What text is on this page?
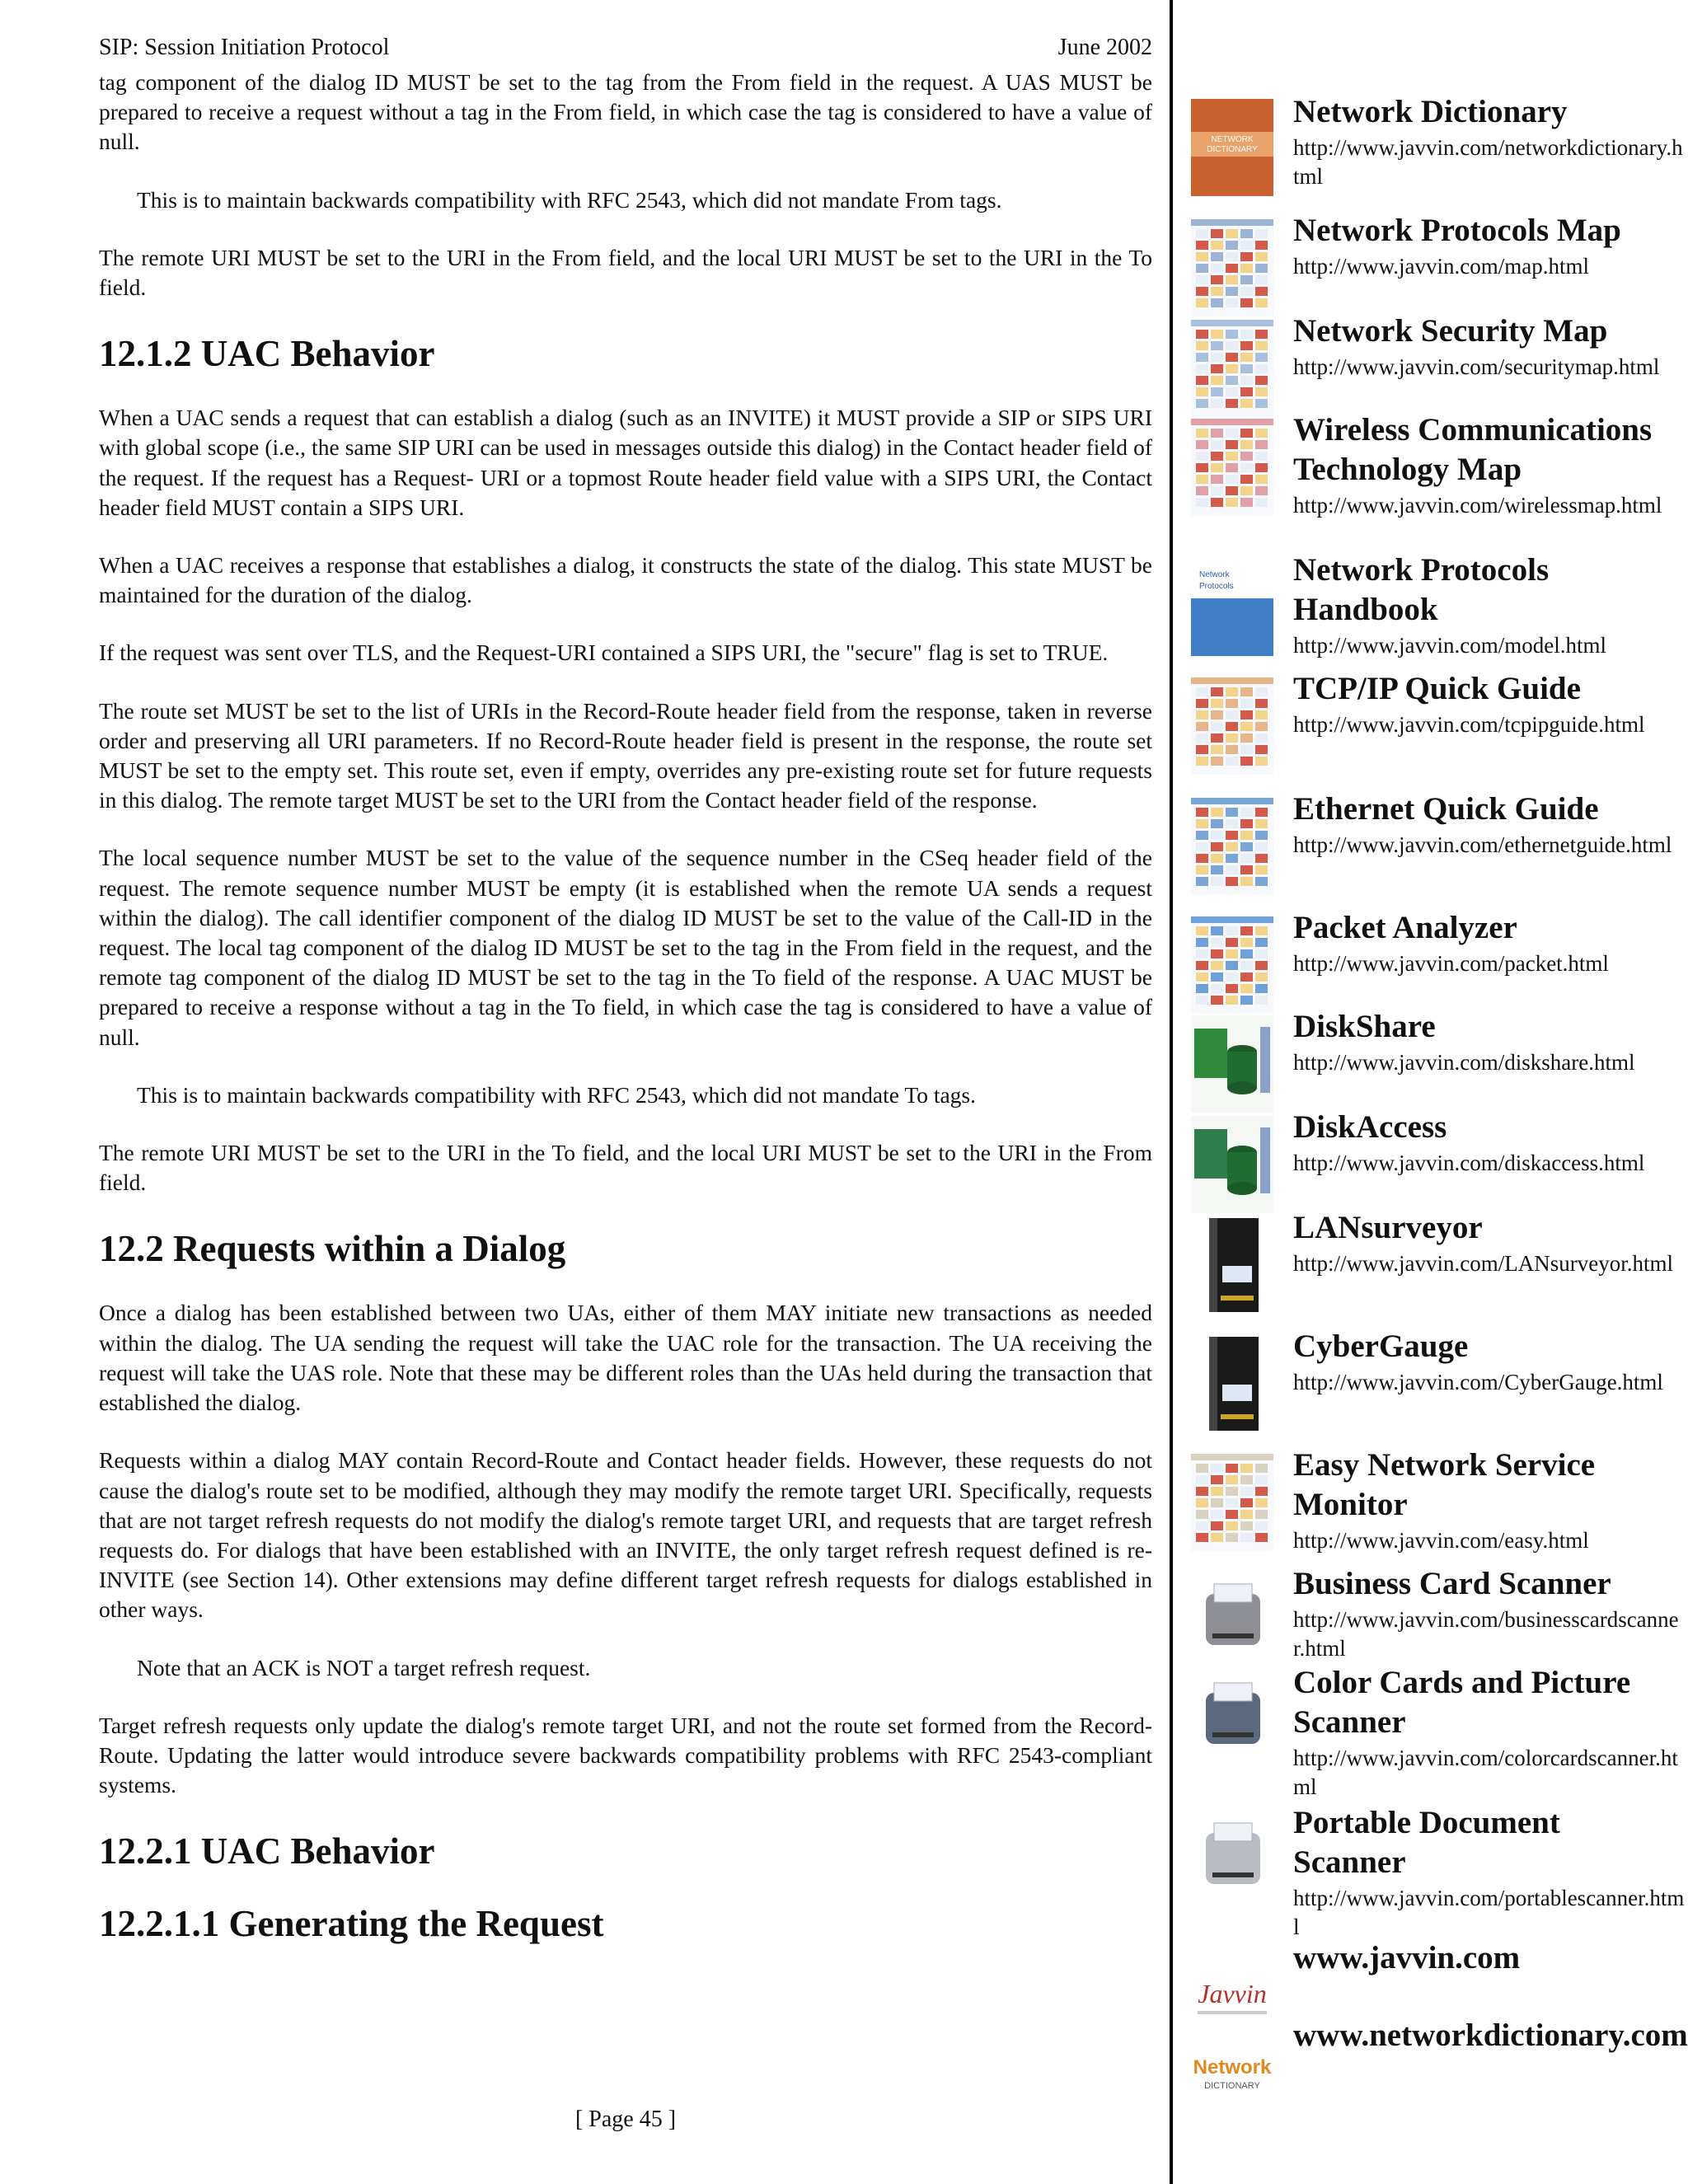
SIP: Session Initiation Protocol	June 2002

tag component of the dialog ID MUST be set to the tag from the From field in the request. A UAS MUST be prepared to receive a request without a tag in the From field, in which case the tag is considered to have a value of null.

This is to maintain backwards compatibility with RFC 2543, which did not mandate From tags.

The remote URI MUST be set to the URI in the From field, and the local URI MUST be set to the URI in the To field.

12.1.2 UAC Behavior

When a UAC sends a request that can establish a dialog (such as an INVITE) it MUST provide a SIP or SIPS URI with global scope (i.e., the same SIP URI can be used in messages outside this dialog) in the Contact header field of the request. If the request has a Request- URI or a topmost Route header field value with a SIPS URI, the Contact header field MUST contain a SIPS URI.

When a UAC receives a response that establishes a dialog, it constructs the state of the dialog. This state MUST be maintained for the duration of the dialog.

If the request was sent over TLS, and the Request-URI contained a SIPS URI, the "secure" flag is set to TRUE.

The route set MUST be set to the list of URIs in the Record-Route header field from the response, taken in reverse order and preserving all URI parameters. If no Record-Route header field is present in the response, the route set MUST be set to the empty set. This route set, even if empty, overrides any pre-existing route set for future requests in this dialog. The remote target MUST be set to the URI from the Contact header field of the response.

The local sequence number MUST be set to the value of the sequence number in the CSeq header field of the request. The remote sequence number MUST be empty (it is established when the remote UA sends a request within the dialog). The call identifier component of the dialog ID MUST be set to the value of the Call-ID in the request. The local tag component of the dialog ID MUST be set to the tag in the From field in the request, and the remote tag component of the dialog ID MUST be set to the tag in the To field of the response. A UAC MUST be prepared to receive a response without a tag in the To field, in which case the tag is considered to have a value of null.

This is to maintain backwards compatibility with RFC 2543, which did not mandate To tags.

The remote URI MUST be set to the URI in the To field, and the local URI MUST be set to the URI in the From field.

12.2 Requests within a Dialog

Once a dialog has been established between two UAs, either of them MAY initiate new transactions as needed within the dialog. The UA sending the request will take the UAC role for the transaction. The UA receiving the request will take the UAS role. Note that these may be different roles than the UAs held during the transaction that established the dialog.

Requests within a dialog MAY contain Record-Route and Contact header fields. However, these requests do not cause the dialog's route set to be modified, although they may modify the remote target URI. Specifically, requests that are not target refresh requests do not modify the dialog's remote target URI, and requests that are target refresh requests do. For dialogs that have been established with an INVITE, the only target refresh request defined is re-INVITE (see Section 14). Other extensions may define different target refresh requests for dialogs established in other ways.

Note that an ACK is NOT a target refresh request.

Target refresh requests only update the dialog's remote target URI, and not the route set formed from the Record-Route. Updating the latter would introduce severe backwards compatibility problems with RFC 2543-compliant systems.

12.2.1 UAC Behavior
12.2.1.1 Generating the Request
[ Page 45 ]
NETWORK
DICTIONARY
Network Dictionary
http://www.javvin.com/networkdictionary.html
Network Protocols Map
http://www.javvin.com/map.html
Network Security Map
http://www.javvin.com/securitymap.html
Wireless Communications Technology Map
http://www.javvin.com/wirelessmap.html
Network
Protocols Network Protocols Handbook
http://www.javvin.com/model.html
TCP/IP Quick Guide
http://www.javvin.com/tcpipguide.html
Ethernet Quick Guide
http://www.javvin.com/ethernetguide.html
Packet Analyzer
http://www.javvin.com/packet.html
DiskShare
http://www.javvin.com/diskshare.html
DiskAccess
http://www.javvin.com/diskaccess.html
LANsurveyor
http://www.javvin.com/LANsurveyor.html
CyberGauge
http://www.javvin.com/CyberGauge.html
Easy Network Service Monitor
http://www.javvin.com/easy.html
Business Card Scanner
http://www.javvin.com/businesscardscanner.html
Color Cards and Picture Scanner
http://www.javvin.com/colorcardscanner.html
Portable Document Scanner
http://www.javvin.com/portablescanner.html
Javvin
www.javvin.com
Network
DICTIONARY
www.networkdictionary.com
